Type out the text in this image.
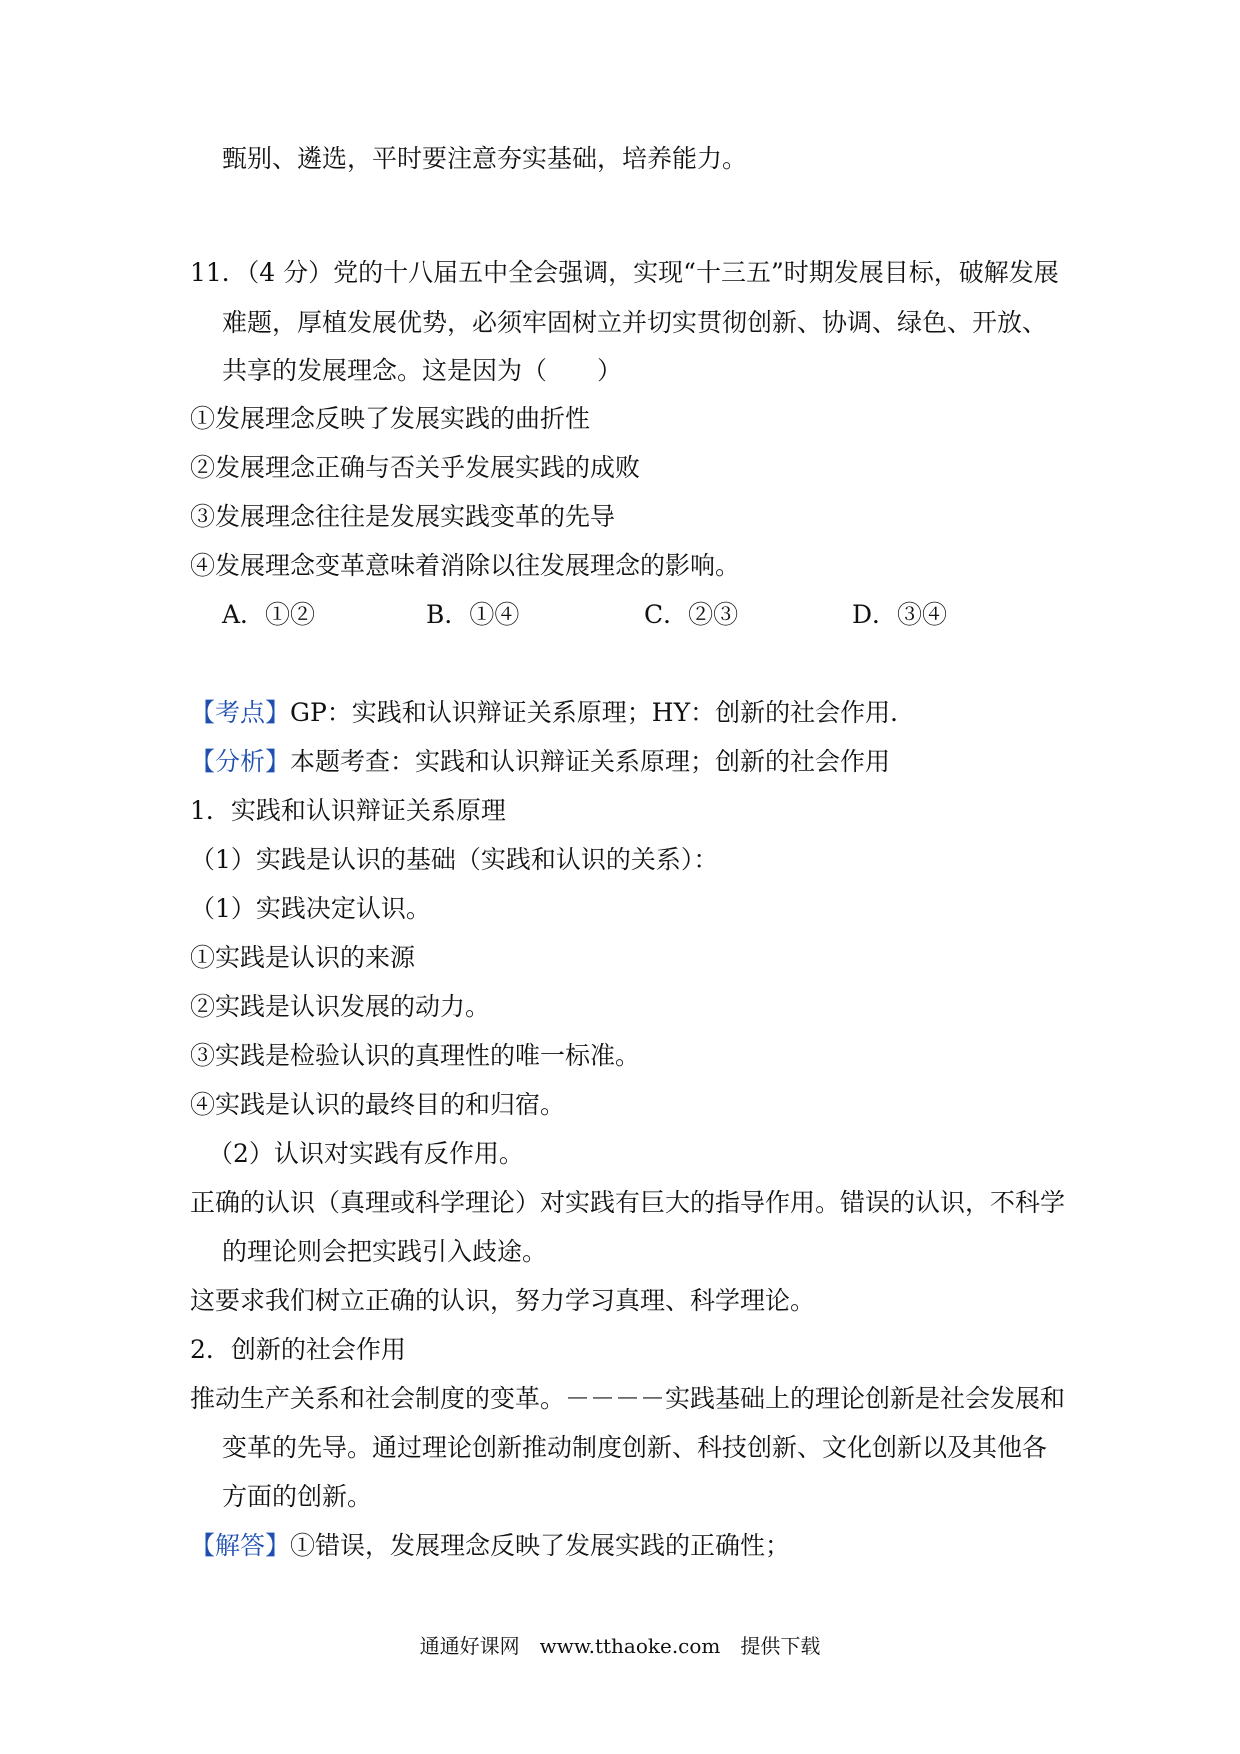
甄别、遴选，平时要注意夯实基础，培养能力。
11．（4 分）党的十八届五中全会强调，实现“十三五”时期发展目标，破解发展
难题，厚植发展优势，必须牢固树立并切实贯彻创新、协调、绿色、开放、
共享的发展理念。这是因为（　　）
①发展理念反映了发展实践的曲折性
②发展理念正确与否关乎发展实践的成败
③发展理念往往是发展实践变革的先导
④发展理念变革意味着消除以往发展理念的影响。
A．①②	B．①④	C．②③	D．③④
【考点】GP：实践和认识辩证关系原理；HY：创新的社会作用．
【分析】本题考查：实践和认识辩证关系原理；创新的社会作用
1．实践和认识辩证关系原理
（1）实践是认识的基础（实践和认识的关系）：
（1）实践决定认识。
①实践是认识的来源
②实践是认识发展的动力。
③实践是检验认识的真理性的唯一标准。
④实践是认识的最终目的和归宿。
（2）认识对实践有反作用。
正确的认识（真理或科学理论）对实践有巨大的指导作用。错误的认识，不科学
的理论则会把实践引入歧途。
这要求我们树立正确的认识，努力学习真理、科学理论。
2．创新的社会作用
推动生产关系和社会制度的变革。－－－－实践基础上的理论创新是社会发展和
变革的先导。通过理论创新推动制度创新、科技创新、文化创新以及其他各
方面的创新。
【解答】①错误，发展理念反映了发展实践的正确性；
通通好课网　www.tthaoke.com　提供下载
